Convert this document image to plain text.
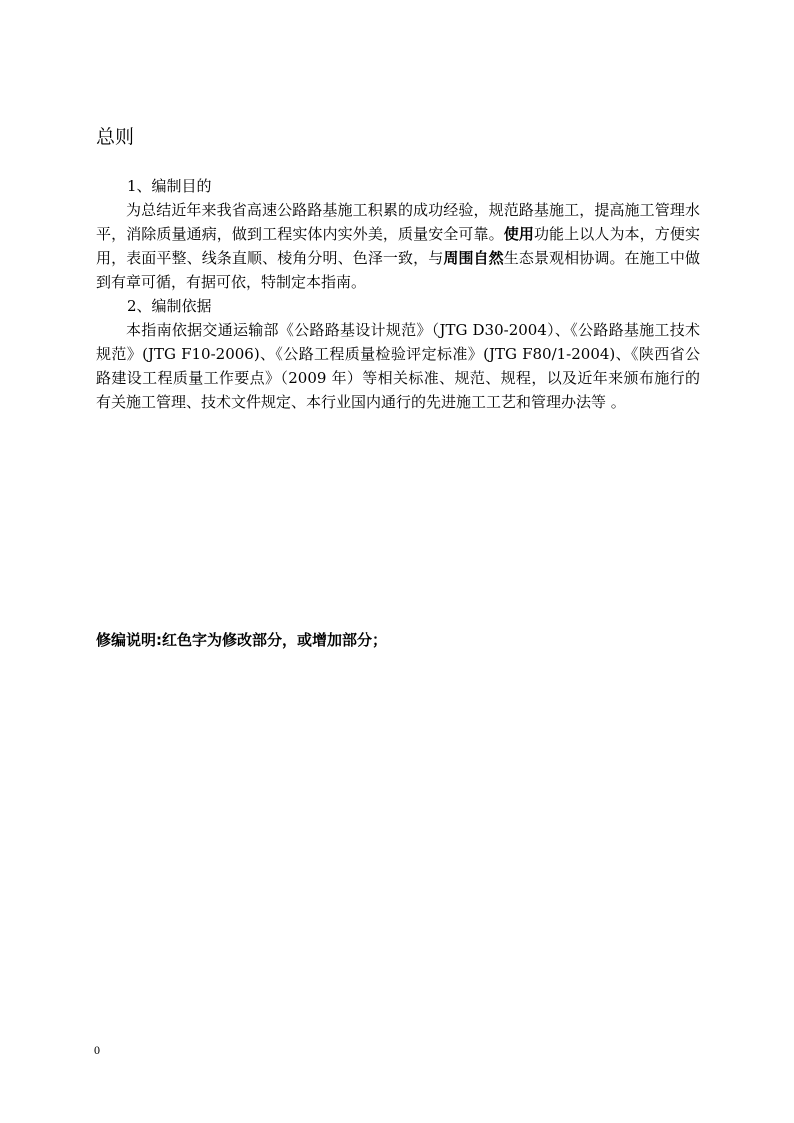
总则
1、编制目的

为总结近年来我省高速公路路基施工积累的成功经验，规范路基施工，提高施工管理水平，消除质量通病，做到工程实体内实外美，质量安全可靠。使用功能上以人为本，方便实用，表面平整、线条直顺、棱角分明、色泽一致，与周围自然生态景观相协调。在施工中做到有章可循，有据可依，特制定本指南。

2、编制依据

本指南依据交通运输部《公路路基设计规范》（JTG D30-2004）、《公路路基施工技术规范》(JTG F10-2006)、《公路工程质量检验评定标准》(JTG F80/1-2004)、《陕西省公路建设工程质量工作要点》（2009 年）等相关标准、规范、规程，以及近年来颁布施行的有关施工管理、技术文件规定、本行业国内通行的先进施工工艺和管理办法等 。

修编说明:红色字为修改部分，或增加部分；
0
